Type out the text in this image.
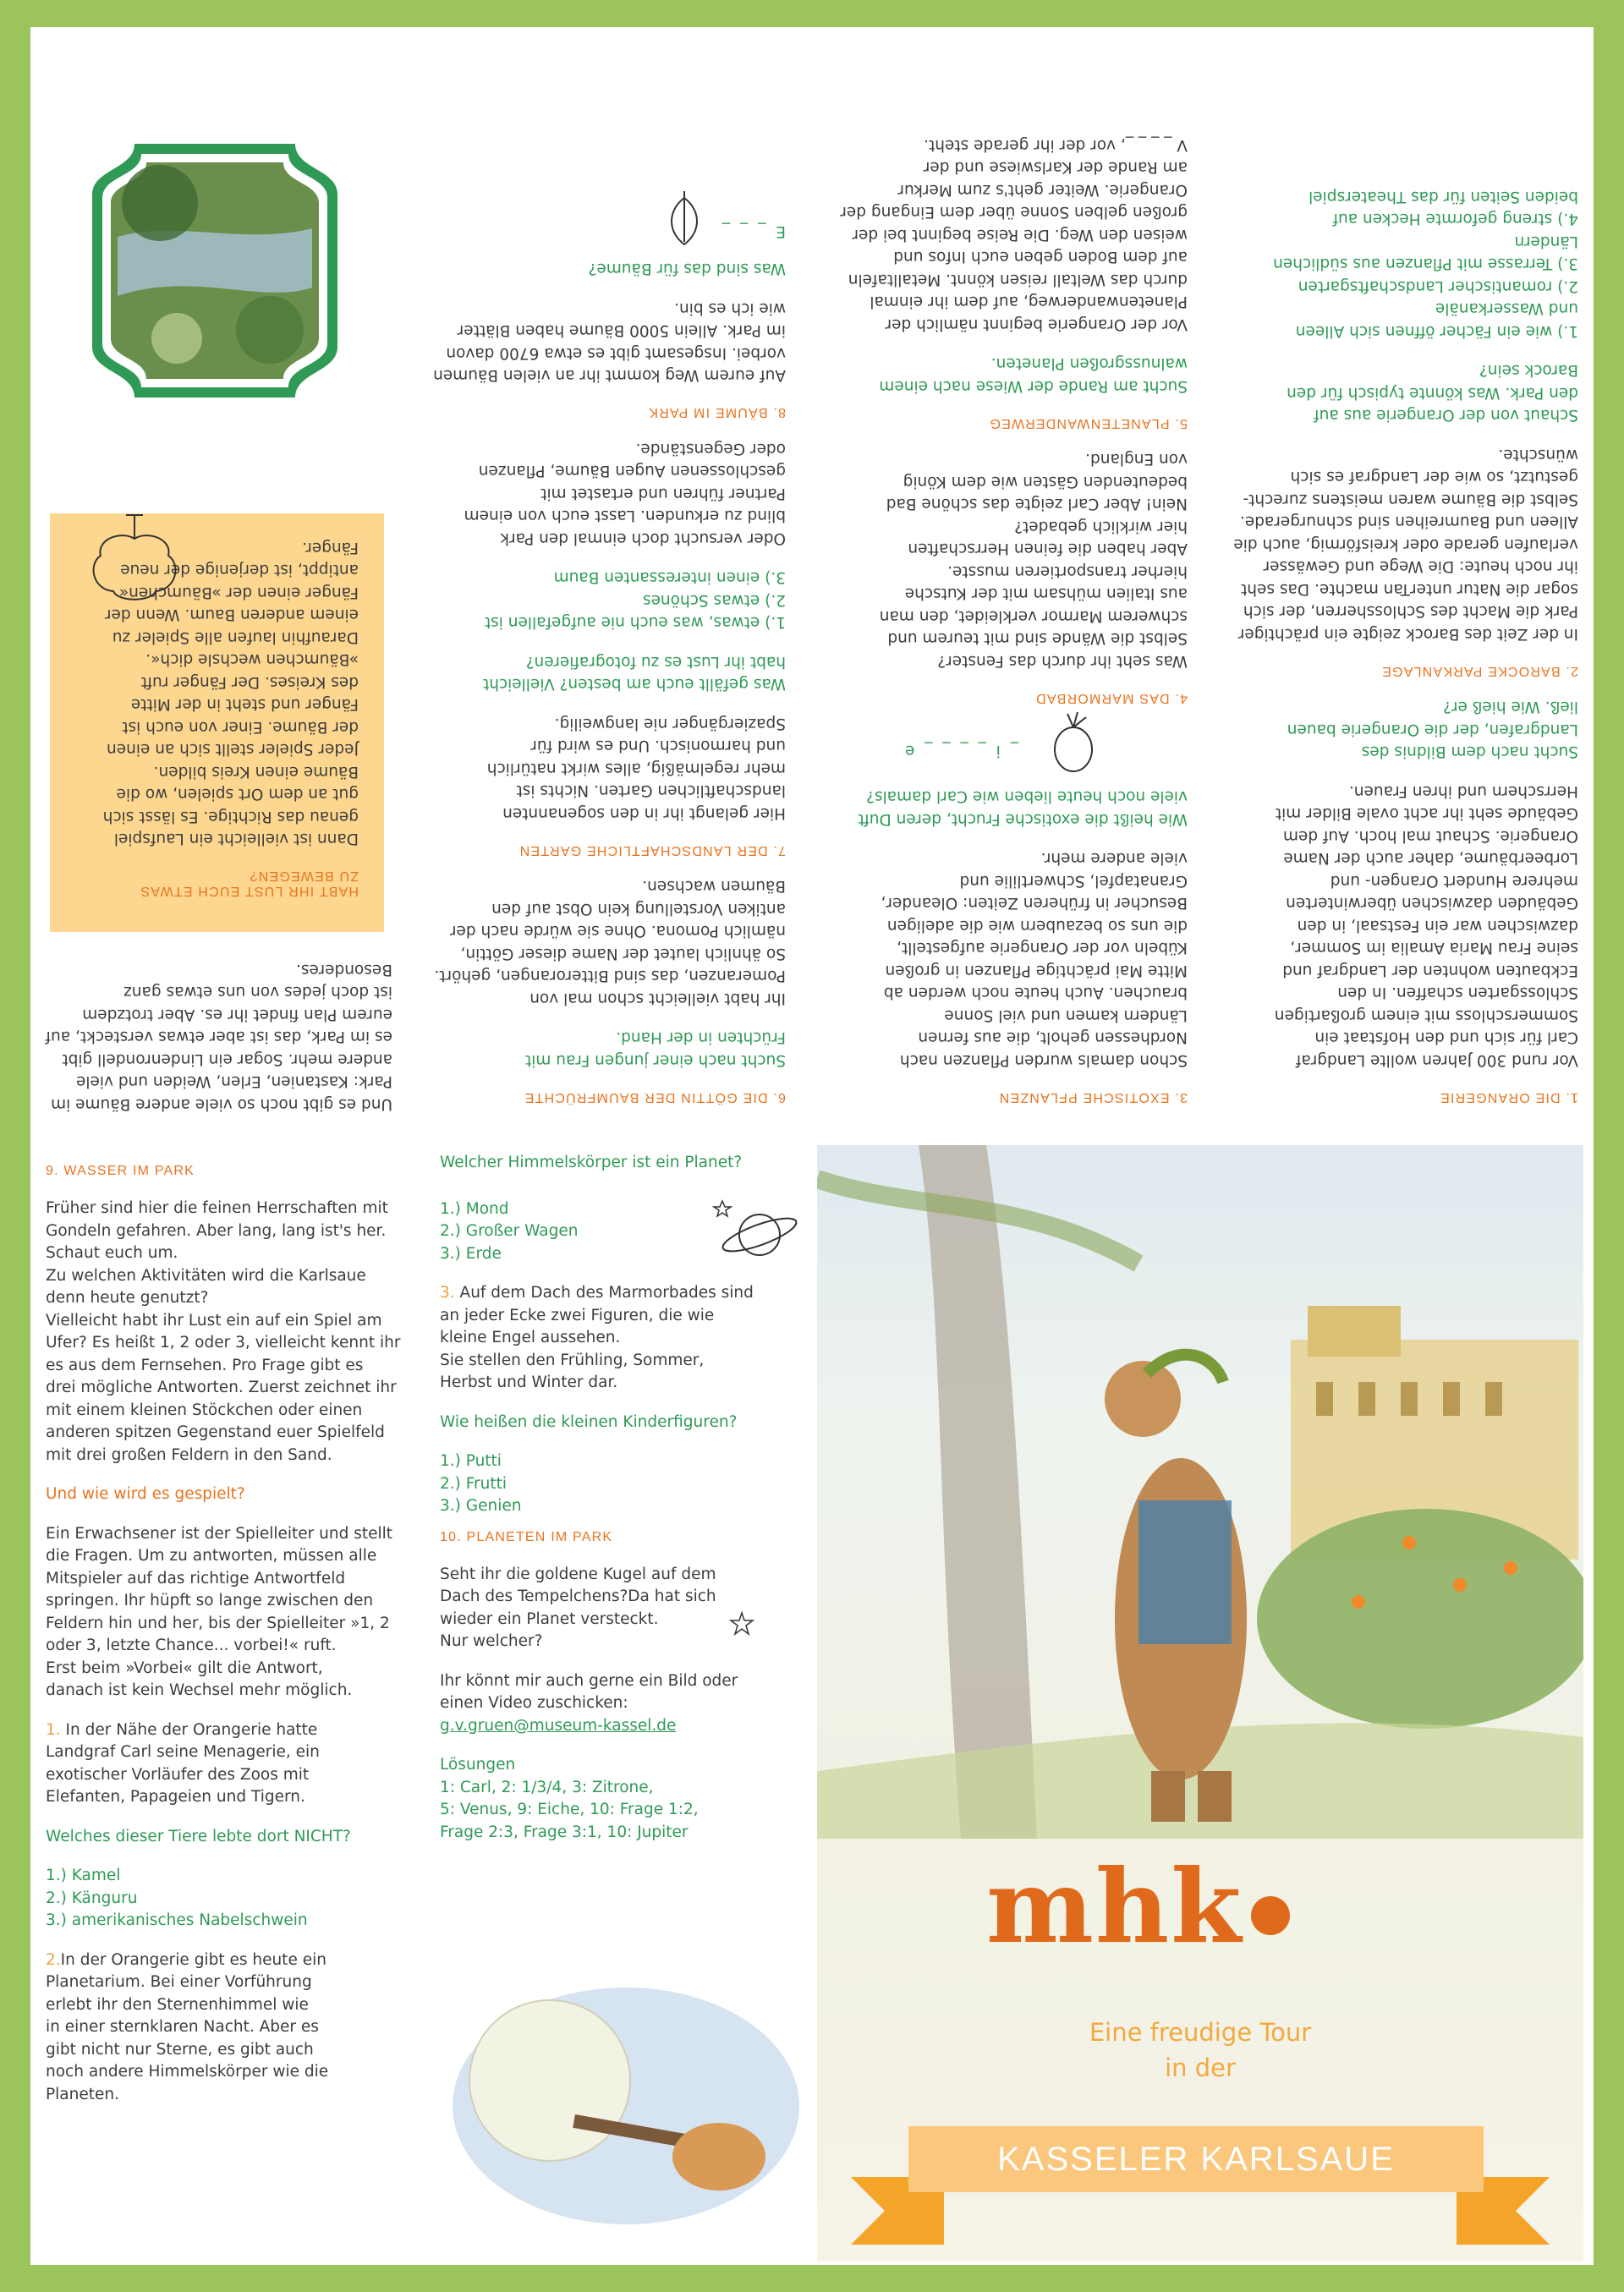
1. DIE ORANGERIE

Vor rund 300 Jahren wollte Landgraf
Carl für sich und den Hofstaat ein
Sommerschloss mit einem großartigen
Schlossgarten schaffen. In den
Eckbauten wohnten der Landgraf und
seine Frau Maria Amalia im Sommer,
dazwischen war ein Festsaal, in den
Gebäuden dazwischen überwinterten
mehrere Hundert Orangen- und
Lorbeerbäume, daher auch der Name
Orangerie. Schaut mal hoch. Auf dem
Gebäude seht ihr acht ovale Bilder mit
Herrschern und ihren Frauen.

Sucht nach dem Bildnis des
Landgrafen, der die Orangerie bauen
ließ. Wie hieß er?

2. BAROCKE PARKANLAGE

In der Zeit des Barock zeigte ein prächtiger
Park die Macht des Schlossherren, der sich
sogar die Natur unterTan machte. Das seht
ihr noch heute: Die Wege und Gewässer
verlaufen gerade oder kreisförmig, auch die
Alleen und Baumreihen sind schnurgerade.
Selbst die Bäume waren meistens zurecht-
gestutzt, so wie der Landgraf es sich
wünschte.

Schaut von der Orangerie aus auf
den Park. Was könnte typisch für den
Barock sein?

1.) wie ein Fächer öffnen sich Alleen
und Wasserkanäle

2.) romantischer Landschaftsgarten

3.) Terrasse mit Pflanzen aus südlichen
Ländern

4.) streng geformte Hecken auf
beiden Seiten für das Theaterspiel

3. EXOTISCHE PFLANZEN

Schon damals wurden Pflanzen nach
Nordhessen geholt, die aus fernen
Ländern kamen und viel Sonne
brauchen. Auch heute noch werden ab
Mitte Mai prächtige Pflanzen in großen
Kübeln vor der Orangerie aufgestellt,
die uns so bezaubern wie die adeligen
Besucher in früheren Zeiten: Oleander,
Granatapfel, Schwertlilie und
viele andere mehr.

Wie heißt die exotische Frucht, deren Duft
viele noch heute lieben wie Carl damals?

_ i _ _ _ _ e
4. DAS MARMORBAD

Was seht ihr durch das Fenster?
Selbst die Wände sind mit teurem und
schwerem Marmor verkleidet, den man
aus Italien mühsam mit der Kutsche
hierher transportieren musste.
Aber haben die feinen Herrschaften
hier wirklich gebadet?
Nein! Aber Carl zeigte das schöne Bad
bedeutenden Gästen wie dem König
von England.

5. PLANETENWANDERWEG

Sucht am Rande der Wiese nach einem
walnussgroßen Planeten.

Vor der Orangerie beginnt nämlich der
Planetenwanderweg, auf dem ihr einmal
durch das Weltall reisen könnt. Metalltafeln
auf dem Boden geben euch Infos und
weisen den Weg. Die Reise beginnt bei der
großen gelben Sonne über dem Eingang der
Orangerie. Weiter geht's zum Merkur
am Rande der Karlswiese und der
V _ _ _ _, vor der ihr gerade steht.

6. DIE GÖTTIN DER BAUMFRÜCHTE

Sucht nach einer jungen Frau mit
Früchten in der Hand.

Ihr habt vielleicht schon mal von
Pomeranzen, das sind Bitterorangen, gehört.
So ähnlich lautet der Name dieser Göttin,
nämlich Pomona. Ohne sie würde nach der
antiken Vorstellung kein Obst auf den
Bäumen wachsen.

7. DER LANDSCHAFTLICHE GARTEN

Hier gelangt ihr in den sogenannten
landschaftlichen Garten. Nichts ist
mehr regelmäßig, alles wirkt natürlich
und harmonisch. Und es wird für
Spaziergänger nie langweilig.

Was gefällt euch am besten? Vielleicht
habt ihr Lust es zu fotografieren?

1.) etwas, was euch nie aufgefallen ist

2.) etwas Schönes

3.) einen interessanten Baum

Oder versucht doch einmal den Park
blind zu erkunden. Lasst euch von einem
Partner führen und ertastet mit
geschlossenen Augen Bäume, Pflanzen
oder Gegenstände.

8. BÄUME IM PARK

Auf eurem Weg kommt ihr an vielen Bäumen
vorbei. Insgesamt gibt es etwa 6700 davon
im Park. Allein 5000 Bäume haben Blätter
wie ich es bin.

Was sind das für Bäume?

E _ _ _

Und es gibt noch so viele andere Bäume im
Park: Kastanien, Erlen, Weiden und viele
andere mehr. Sogar ein Lindenrondell gibt
es im Park, das ist aber etwas versteckt, auf
eurem Plan findet ihr es. Aber trotzdem
ist doch jedes von uns etwas ganz
Besonderes.

HABT IHR LUST EUCH ETWAS
ZU BEWEGEN?

Dann ist vielleicht ein Laufspiel
genau das Richtige. Es lässt sich
gut an dem Ort spielen, wo die
Bäume einen Kreis bilden.
Jeder Spieler stellt sich an einen
der Bäume. Einer von euch ist
Fänger und steht in der Mitte
des Kreises. Der Fänger ruft
»Bäumchen wechsle dich«.
Daraufhin laufen alle Spieler zu
einem anderen Baum. Wenn der
Fänger einen der »Bäumchen«
antippt, ist derjenige der neue
Fänger.

9. WASSER IM PARK

Früher sind hier die feinen Herrschaften mit
Gondeln gefahren. Aber lang, lang ist's her.
Schaut euch um.
Zu welchen Aktivitäten wird die Karlsaue
denn heute genutzt?
Vielleicht habt ihr Lust ein auf ein Spiel am
Ufer? Es heißt 1, 2 oder 3, vielleicht kennt ihr
es aus dem Fernsehen. Pro Frage gibt es
drei mögliche Antworten. Zuerst zeichnet ihr
mit einem kleinen Stöckchen oder einen
anderen spitzen Gegenstand euer Spielfeld
mit drei großen Feldern in den Sand.

Und wie wird es gespielt?

Ein Erwachsener ist der Spielleiter und stellt
die Fragen. Um zu antworten, müssen alle
Mitspieler auf das richtige Antwortfeld
springen. Ihr hüpft so lange zwischen den
Feldern hin und her, bis der Spielleiter »1, 2
oder 3, letzte Chance... vorbei!« ruft.
Erst beim »Vorbei« gilt die Antwort,
danach ist kein Wechsel mehr möglich.

1. In der Nähe der Orangerie hatte
Landgraf Carl seine Menagerie, ein
exotischer Vorläufer des Zoos mit
Elefanten, Papageien und Tigern.

Welches dieser Tiere lebte dort NICHT?

1.) Kamel

2.) Känguru

3.) amerikanisches Nabelschwein

2.In der Orangerie gibt es heute ein
Planetarium. Bei einer Vorführung
erlebt ihr den Sternenhimmel wie
in einer sternklaren Nacht. Aber es
gibt nicht nur Sterne, es gibt auch
noch andere Himmelskörper wie die
Planeten.

Welcher Himmelskörper ist ein Planet?

1.) Mond

2.) Großer Wagen

3.) Erde

3. Auf dem Dach des Marmorbades sind
an jeder Ecke zwei Figuren, die wie
kleine Engel aussehen.
Sie stellen den Frühling, Sommer,
Herbst und Winter dar.

Wie heißen die kleinen Kinderfiguren?

1.) Putti

2.) Frutti

3.) Genien

10. PLANETEN IM PARK

Seht ihr die goldene Kugel auf dem
Dach des Tempelchens?Da hat sich
wieder ein Planet versteckt.
Nur welcher?

Ihr könnt mir auch gerne ein Bild oder
einen Video zuschicken:

g.v.gruen@museum-kassel.de

Lösungen

1: Carl, 2: 1/3/4, 3: Zitrone,
5: Venus, 9: Eiche, 10: Frage 1:2,
Frage 2:3, Frage 3:1, 10: Jupiter

mhk
Eine freudige Tour
in der
KASSELER KARLSAUE
